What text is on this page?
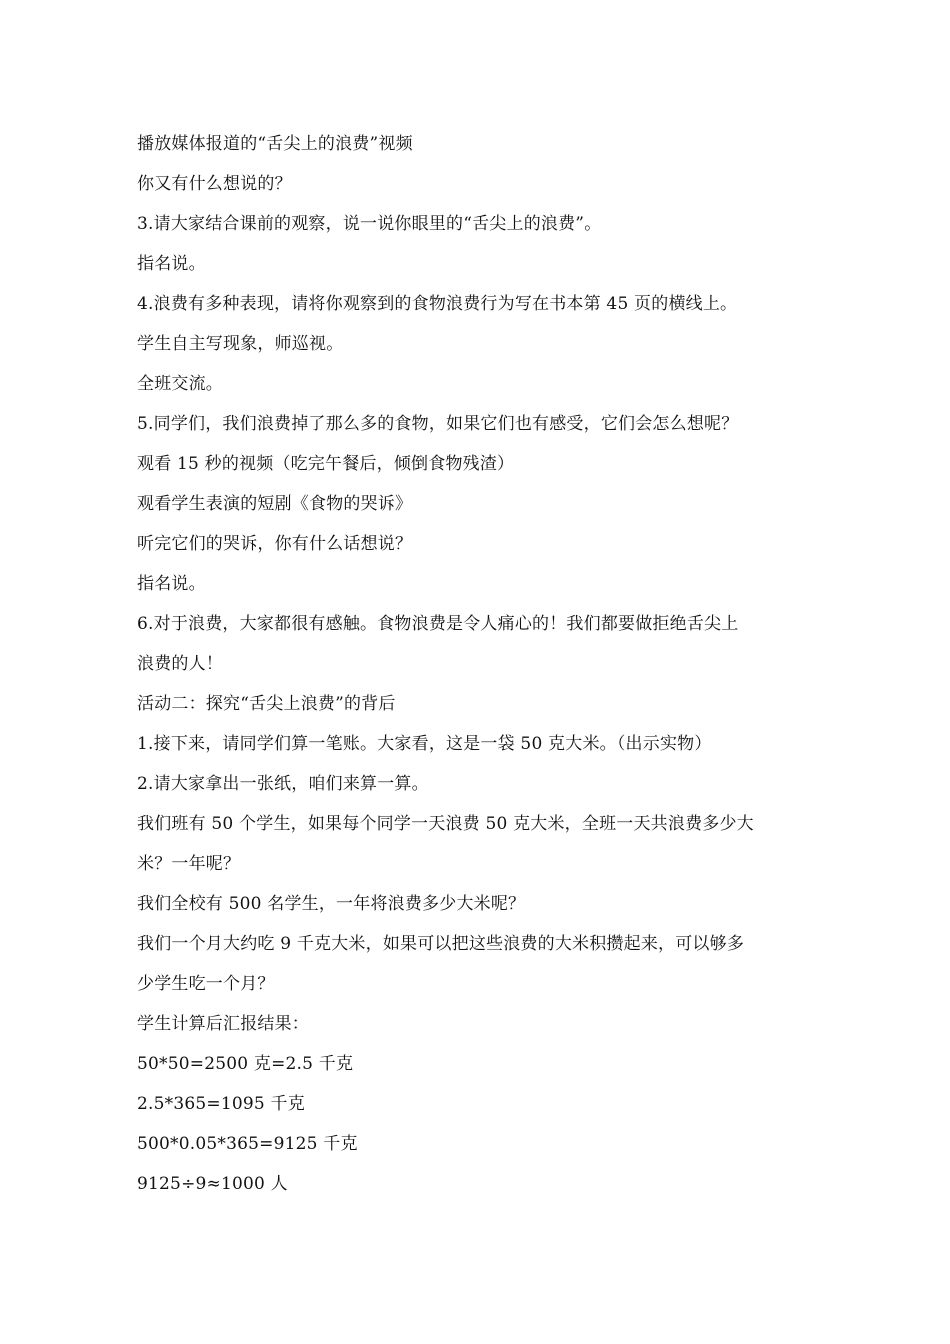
播放媒体报道的“舌尖上的浪费”视频
你又有什么想说的？
3.请大家结合课前的观察，说一说你眼里的“舌尖上的浪费”。
指名说。
4.浪费有多种表现，请将你观察到的食物浪费行为写在书本第 45 页的横线上。
学生自主写现象，师巡视。
全班交流。
5.同学们，我们浪费掉了那么多的食物，如果它们也有感受，它们会怎么想呢？
观看 15 秒的视频（吃完午餐后，倾倒食物残渣）
观看学生表演的短剧《食物的哭诉》
听完它们的哭诉，你有什么话想说？
指名说。
6.对于浪费，大家都很有感触。食物浪费是令人痛心的！我们都要做拒绝舌尖上
浪费的人！
活动二：探究“舌尖上浪费”的背后
1.接下来，请同学们算一笔账。大家看，这是一袋 50 克大米。（出示实物）
2.请大家拿出一张纸，咱们来算一算。
我们班有 50 个学生，如果每个同学一天浪费 50 克大米，全班一天共浪费多少大
米？一年呢？
我们全校有 500 名学生，一年将浪费多少大米呢？
我们一个月大约吃 9 千克大米，如果可以把这些浪费的大米积攒起来，可以够多
少学生吃一个月？
学生计算后汇报结果：
50*50=2500 克=2.5 千克
2.5*365=1095 千克
500*0.05*365=9125 千克
9125÷9≈1000 人
